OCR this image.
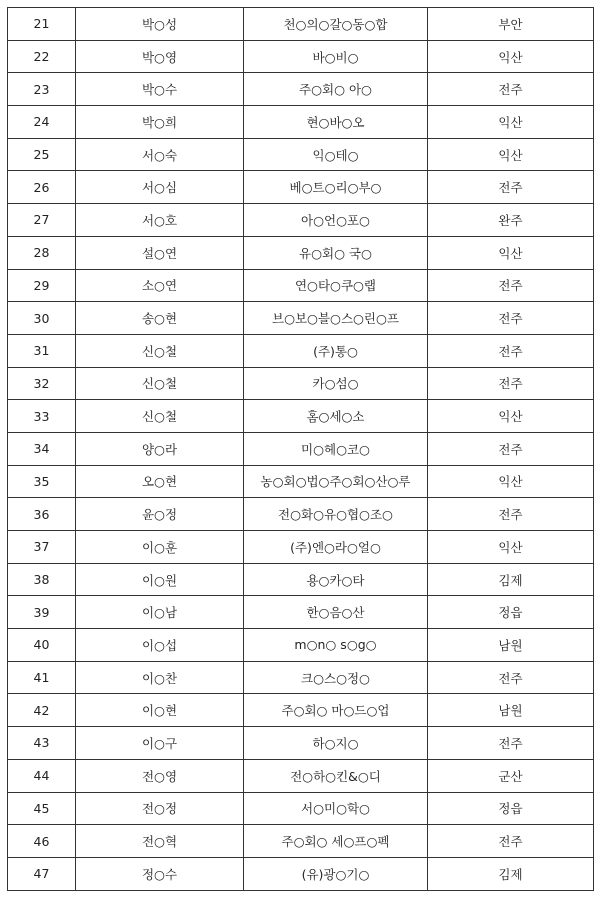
21	박○성	천○의○갈○동○합	부안
22	박○영	바○비○	익산
23	박○수	주○회○ 아○	전주
24	박○희	현○바○오	익산
25	서○숙	익○테○	익산
26	서○심	베○트○리○부○	전주
27	서○호	아○언○포○	완주
28	설○연	유○회○ 국○	익산
29	소○연	연○타○쿠○랩	전주
30	송○현	브○보○블○스○린○프	전주
31	신○철	(주)통○	전주
32	신○철	카○섬○	전주
33	신○철	홈○세○소	익산
34	양○라	미○헤○코○	전주
35	오○현	농○회○법○주○회○산○루	익산
36	윤○정	전○화○유○협○조○	전주
37	이○훈	(주)엔○라○얼○	익산
38	이○원	용○카○타	김제
39	이○남	한○음○산	정읍
40	이○섭	m○n○ s○g○	남원
41	이○찬	크○스○정○	전주
42	이○현	주○회○ 마○드○업	남원
43	이○구	하○지○	전주
44	전○영	전○하○킨&○디	군산
45	전○정	서○미○학○	정읍
46	전○혁	주○회○ 세○프○펙	전주
47	정○수	(유)광○기○	김제
